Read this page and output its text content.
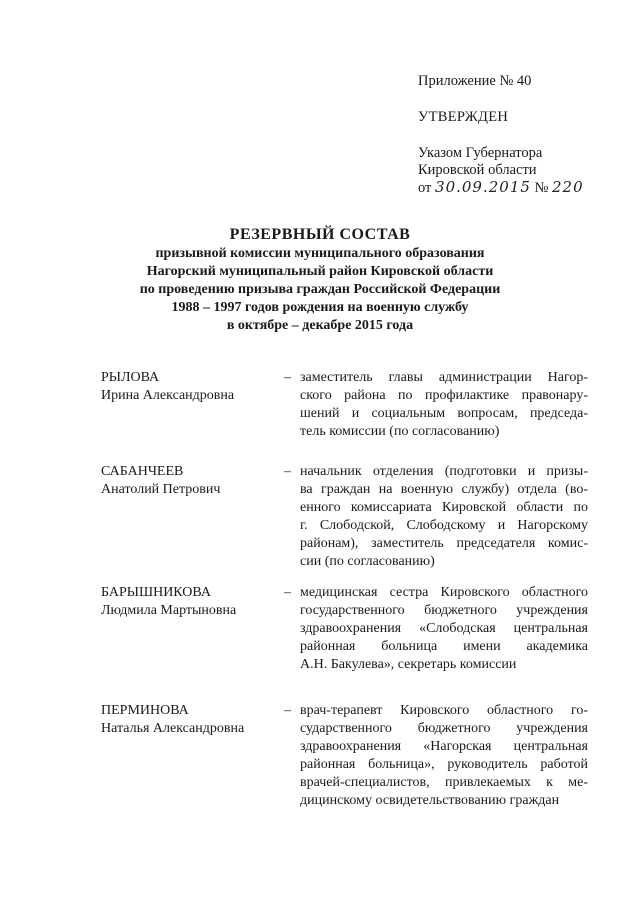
Приложение № 40
УТВЕРЖДЕН
Указом Губернатора
Кировской области
от 30.09.2015 № 220
РЕЗЕРВНЫЙ СОСТАВ
призывной комиссии муниципального образования
Нагорский муниципальный район Кировской области
по проведению призыва граждан Российской Федерации
1988 – 1997 годов рождения на военную службу
в октябре – декабре 2015 года
РЫЛОВА
Ирина Александровна
– заместитель главы администрации Нагор-
ского района по профилактике правонару-
шений и социальным вопросам, председа-
тель комиссии (по согласованию)
САБАНЧЕЕВ
Анатолий Петрович
– начальник отделения (подготовки и призы-
ва граждан на военную службу) отдела (во-
енного комиссариата Кировской области по
г. Слободской, Слободскому и Нагорскому
районам), заместитель председателя комис-
сии (по согласованию)
БАРЫШНИКОВА
Людмила Мартыновна
– медицинская сестра Кировского областного
государственного бюджетного учреждения
здравоохранения «Слободская центральная
районная больница имени академика
А.Н. Бакулева», секретарь комиссии
ПЕРМИНОВА
Наталья Александровна
– врач-терапевт Кировского областного го-
сударственного бюджетного учреждения
здравоохранения «Нагорская центральная
районная больница», руководитель работой
врачей-специалистов, привлекаемых к ме-
дицинскому освидетельствованию граждан
